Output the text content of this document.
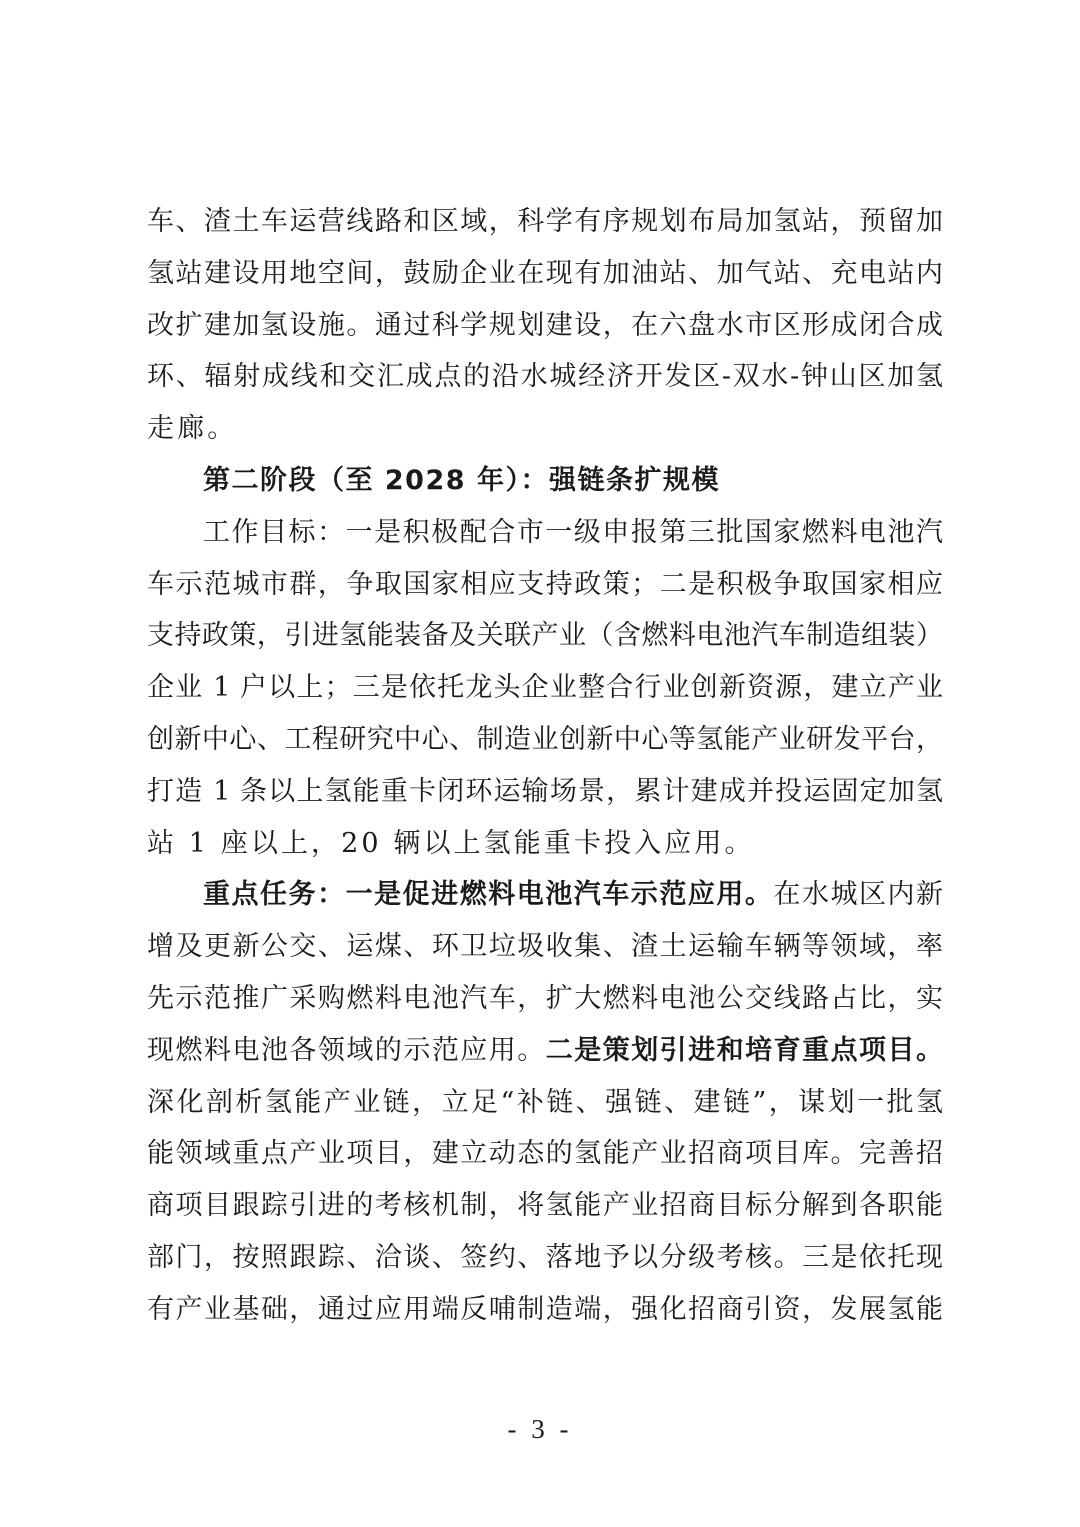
车、渣土车运营线路和区域，科学有序规划布局加氢站，预留加
氢站建设用地空间，鼓励企业在现有加油站、加气站、充电站内
改扩建加氢设施。通过科学规划建设，在六盘水市区形成闭合成
环、辐射成线和交汇成点的沿水城经济开发区-双水-钟山区加氢
走廊。
第二阶段（至 2028 年）：强链条扩规模
工作目标：一是积极配合市一级申报第三批国家燃料电池汽
车示范城市群，争取国家相应支持政策；二是积极争取国家相应
支持政策，引进氢能装备及关联产业（含燃料电池汽车制造组装）
企业 1 户以上；三是依托龙头企业整合行业创新资源，建立产业
创新中心、工程研究中心、制造业创新中心等氢能产业研发平台，
打造 1 条以上氢能重卡闭环运输场景，累计建成并投运固定加氢
站 1 座以上，20 辆以上氢能重卡投入应用。
重点任务：一是促进燃料电池汽车示范应用。在水城区内新
增及更新公交、运煤、环卫垃圾收集、渣土运输车辆等领域，率
先示范推广采购燃料电池汽车，扩大燃料电池公交线路占比，实
现燃料电池各领域的示范应用。二是策划引进和培育重点项目。
深化剖析氢能产业链，立足“补链、强链、建链”，谋划一批氢
能领域重点产业项目，建立动态的氢能产业招商项目库。完善招
商项目跟踪引进的考核机制，将氢能产业招商目标分解到各职能
部门，按照跟踪、洽谈、签约、落地予以分级考核。三是依托现
有产业基础，通过应用端反哺制造端，强化招商引资，发展氢能
- 3 -
